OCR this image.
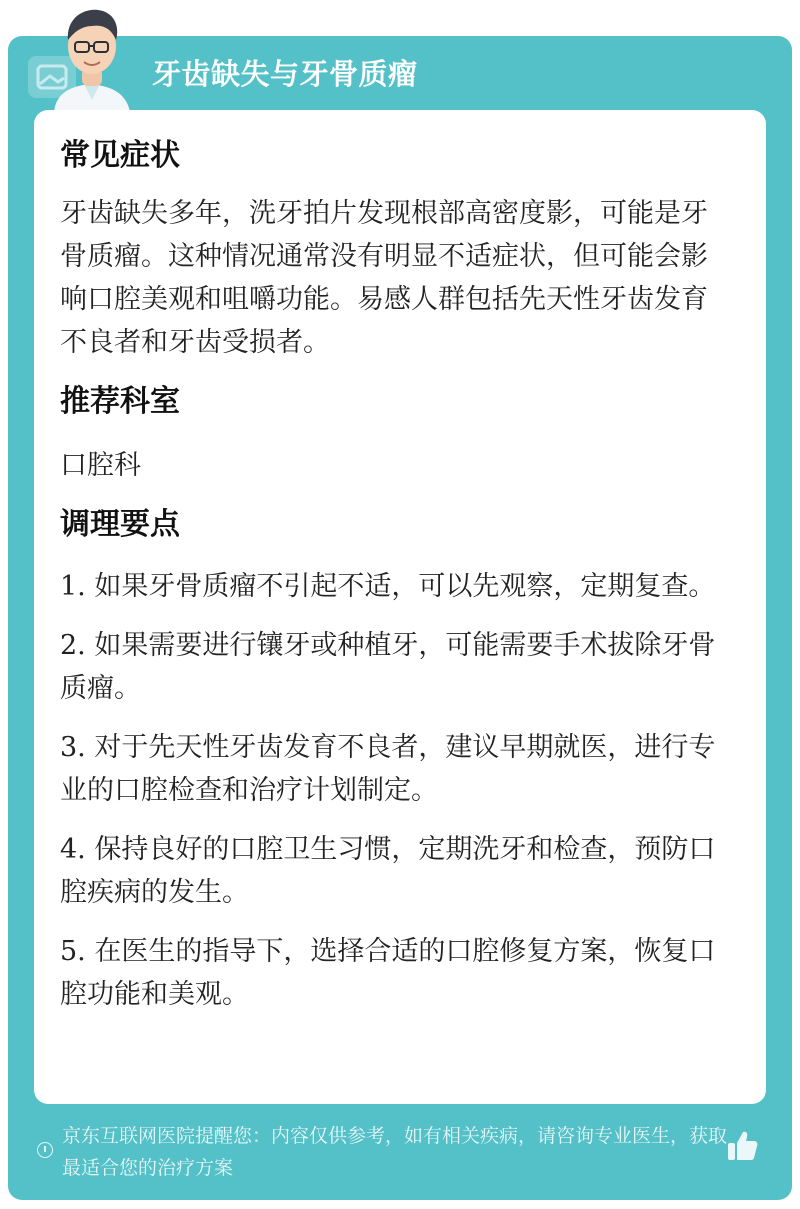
牙齿缺失与牙骨质瘤
常见症状

牙齿缺失多年，洗牙拍片发现根部高密度影，可能是牙骨质瘤。这种情况通常没有明显不适症状，但可能会影响口腔美观和咀嚼功能。易感人群包括先天性牙齿发育不良者和牙齿受损者。

推荐科室

口腔科

调理要点

1. 如果牙骨质瘤不引起不适，可以先观察，定期复查。

2. 如果需要进行镶牙或种植牙，可能需要手术拔除牙骨质瘤。

3. 对于先天性牙齿发育不良者，建议早期就医，进行专业的口腔检查和治疗计划制定。

4. 保持良好的口腔卫生习惯，定期洗牙和检查，预防口腔疾病的发生。

5. 在医生的指导下，选择合适的口腔修复方案，恢复口腔功能和美观。

京东互联网医院提醒您：内容仅供参考，如有相关疾病，请咨询专业医生，获取最适合您的治疗方案
